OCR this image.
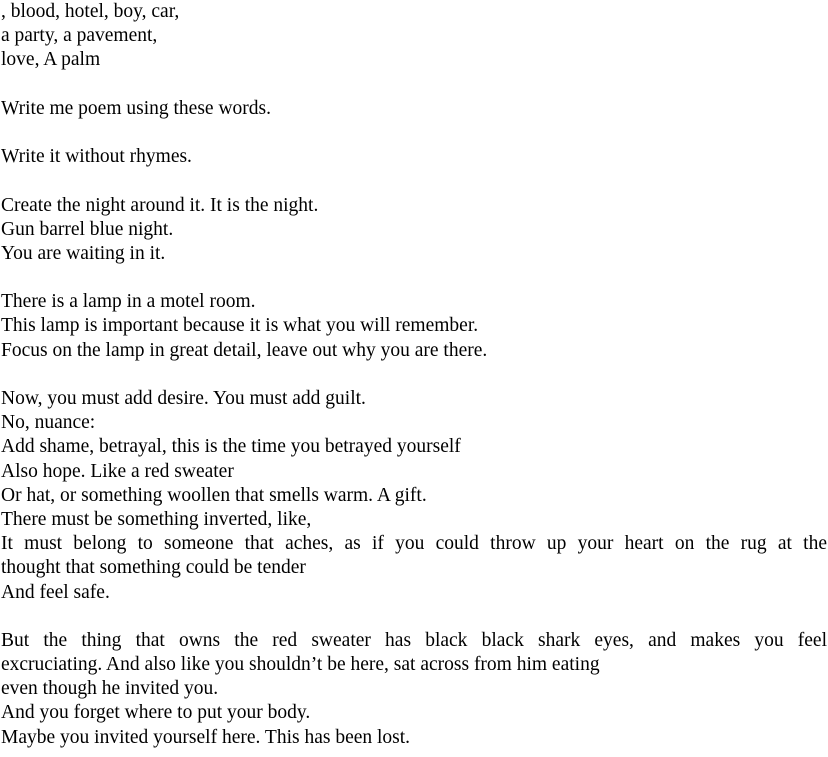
, blood, hotel, boy, car,
a party, a pavement,
love, A palm
Write me poem using these words.
Write it without rhymes.
Create the night around it. It is the night.
Gun barrel blue night.
You are waiting in it.
There is a lamp in a motel room.
This lamp is important because it is what you will remember.
Focus on the lamp in great detail, leave out why you are there.
Now, you must add desire. You must add guilt.
No, nuance:
Add shame, betrayal, this is the time you betrayed yourself
Also hope. Like a red sweater
Or hat, or something woollen that smells warm. A gift.
There must be something inverted, like,
It must belong to someone that aches, as if you could throw up your heart on the rug at the
thought that something could be tender
And feel safe.
But the thing that owns the red sweater has black black shark eyes, and makes you feel
excruciating. And also like you shouldn’t be here, sat across from him eating
even though he invited you.
And you forget where to put your body.
Maybe you invited yourself here. This has been lost.
